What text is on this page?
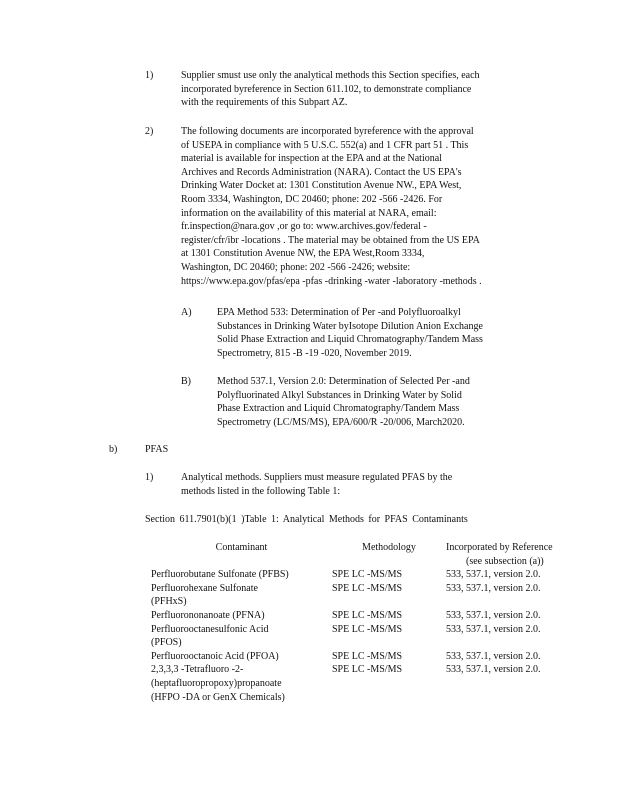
1)	Supplier smust use only the analytical methods this Section specifies, each
incorporated byreference in Section 611.102, to demonstrate compliance
with the requirements of this Subpart AZ.
2)	The following documents are incorporated byreference with the approval
of USEPA in compliance with 5 U.S.C. 552(a) and 1 CFR part 51 . This
material is available for inspection at the EPA and at the National
Archives and Records Administration (NARA). Contact the US EPA's
Drinking Water Docket at: 1301 Constitution Avenue NW., EPA West,
Room 3334, Washington, DC 20460; phone: 202 -566 -2426. For
information on the availability of this material at NARA, email:
fr.inspection@nara.gov ,or go to: www.archives.gov/federal -
register/cfr/ibr -locations . The material may be obtained from the US EPA
at 1301 Constitution Avenue NW, the EPA West,Room 3334,
Washington, DC 20460; phone: 202 -566 -2426; website:
https://www.epa.gov/pfas/epa -pfas -drinking -water -laboratory -methods .
A)	EPA Method 533: Determination of Per -and Polyfluoroalkyl
Substances in Drinking Water byIsotope Dilution Anion Exchange
Solid Phase Extraction and Liquid Chromatography/Tandem Mass
Spectrometry, 815 -B -19 -020, November 2019.
B)	Method 537.1, Version 2.0: Determination of Selected Per -and
Polyfluorinated Alkyl Substances in Drinking Water by Solid
Phase Extraction and Liquid Chromatography/Tandem Mass
Spectrometry (LC/MS/MS), EPA/600/R -20/006, March2020.
b)	PFAS
1)	Analytical methods. Suppliers must measure regulated PFAS by the
methods listed in the following Table 1:
Section 611.7901(b)(1 )Table 1: Analytical Methods for PFAS Contaminants
Contaminant	Methodology	Incorporated by Reference
(see subsection (a))

Perfluorobutane Sulfonate (PFBS)	SPE LC -MS/MS	533, 537.1, version 2.0.

Perfluorohexane Sulfonate
(PFHxS)	SPE LC -MS/MS	533, 537.1, version 2.0.

Perfluorononanoate (PFNA)	SPE LC -MS/MS	533, 537.1, version 2.0.

Perfluorooctanesulfonic Acid
(PFOS)	SPE LC -MS/MS	533, 537.1, version 2.0.

Perfluorooctanoic Acid (PFOA)	SPE LC -MS/MS	533, 537.1, version 2.0.

2,3,3,3 -Tetrafluoro -2-
(heptafluoropropoxy)propanoate
(HFPO -DA or GenX Chemicals)	SPE LC -MS/MS	533, 537.1, version 2.0.
